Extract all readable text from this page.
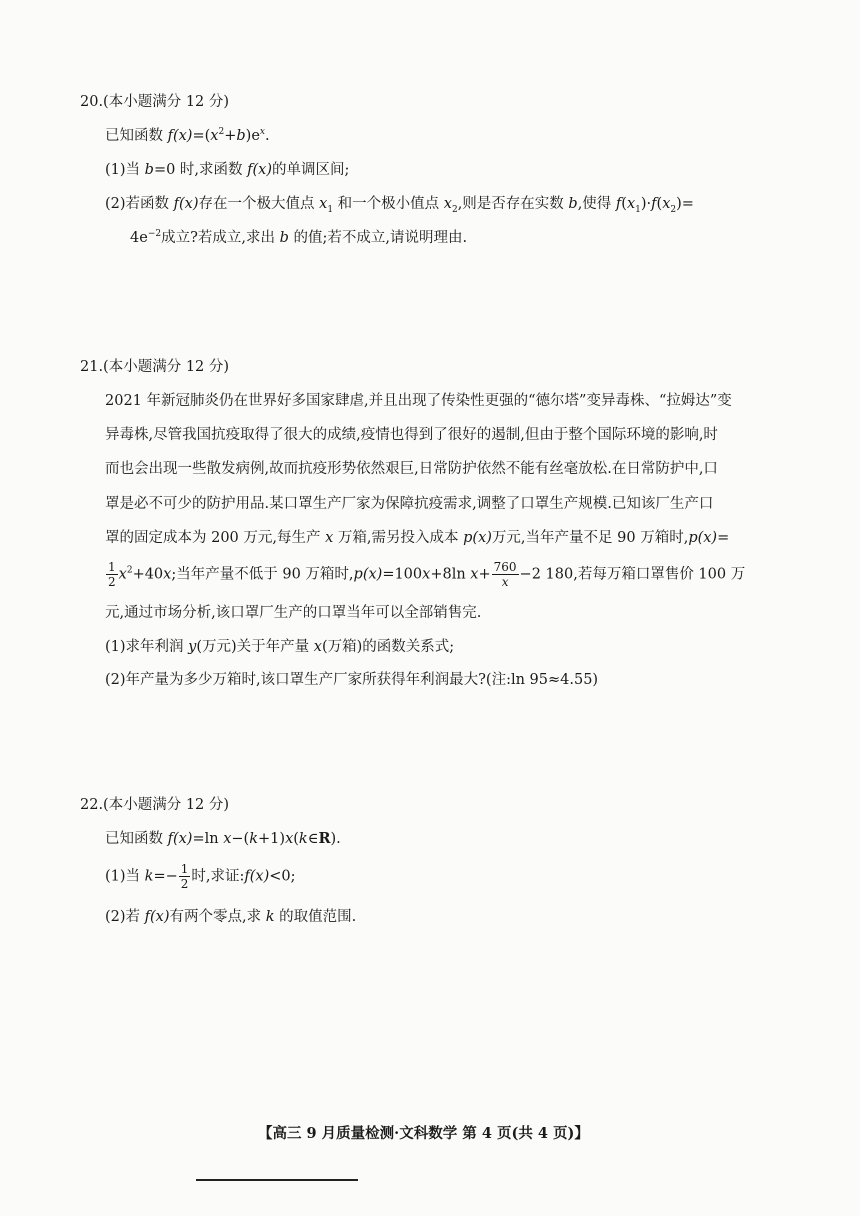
20.(本小题满分 12 分)
已知函数 $f(x)=(x^2+b)e^x$.
(1)当 b=0 时,求函数 f(x)的单调区间;
(2)若函数 f(x)存在一个极大值点 $x_1$ 和一个极小值点 $x_2$,则是否存在实数 b,使得 $f(x_1)\cdot f(x_2)=$
$4e^{-2}$成立?若成立,求出 b 的值;若不成立,请说明理由.
21.(本小题满分 12 分)
2021 年新冠肺炎仍在世界好多国家肆虐,并且出现了传染性更强的“德尔塔”变异毒株、“拉姆达”变
异毒株,尽管我国抗疫取得了很大的成绩,疫情也得到了很好的遏制,但由于整个国际环境的影响,时
而也会出现一些散发病例,故而抗疫形势依然艰巨,日常防护依然不能有丝毫放松.在日常防护中,口
罩是必不可少的防护用品.某口罩生产厂家为保障抗疫需求,调整了口罩生产规模.已知该厂生产口
罩的固定成本为 200 万元,每生产 x 万箱,需另投入成本 p(x)万元,当年产量不足 90 万箱时,p(x)=
$\frac{1}{2} x^2+40x$;当年产量不低于 90 万箱时,p(x)=100x+8ln $x+ \frac{760}{x} -2$ 180,若每万箱口罩售价 100 万
元,通过市场分析,该口罩厂生产的口罩当年可以全部销售完.
(1)求年利润 y(万元)关于年产量 x(万箱)的函数关系式;
(2)年产量为多少万箱时,该口罩生产厂家所获得年利润最大?(注:ln 95≈4.55)
22.(本小题满分 12 分)
已知函数 f(x)=ln x−(k+1)x(k∈R).
(1)当 $k=- \frac{1}{2}$ 时,求证:f(x)<0;
(2)若 f(x)有两个零点,求 k 的取值范围.
【高三 9 月质量检测·文科数学 第 4 页(共 4 页)】
